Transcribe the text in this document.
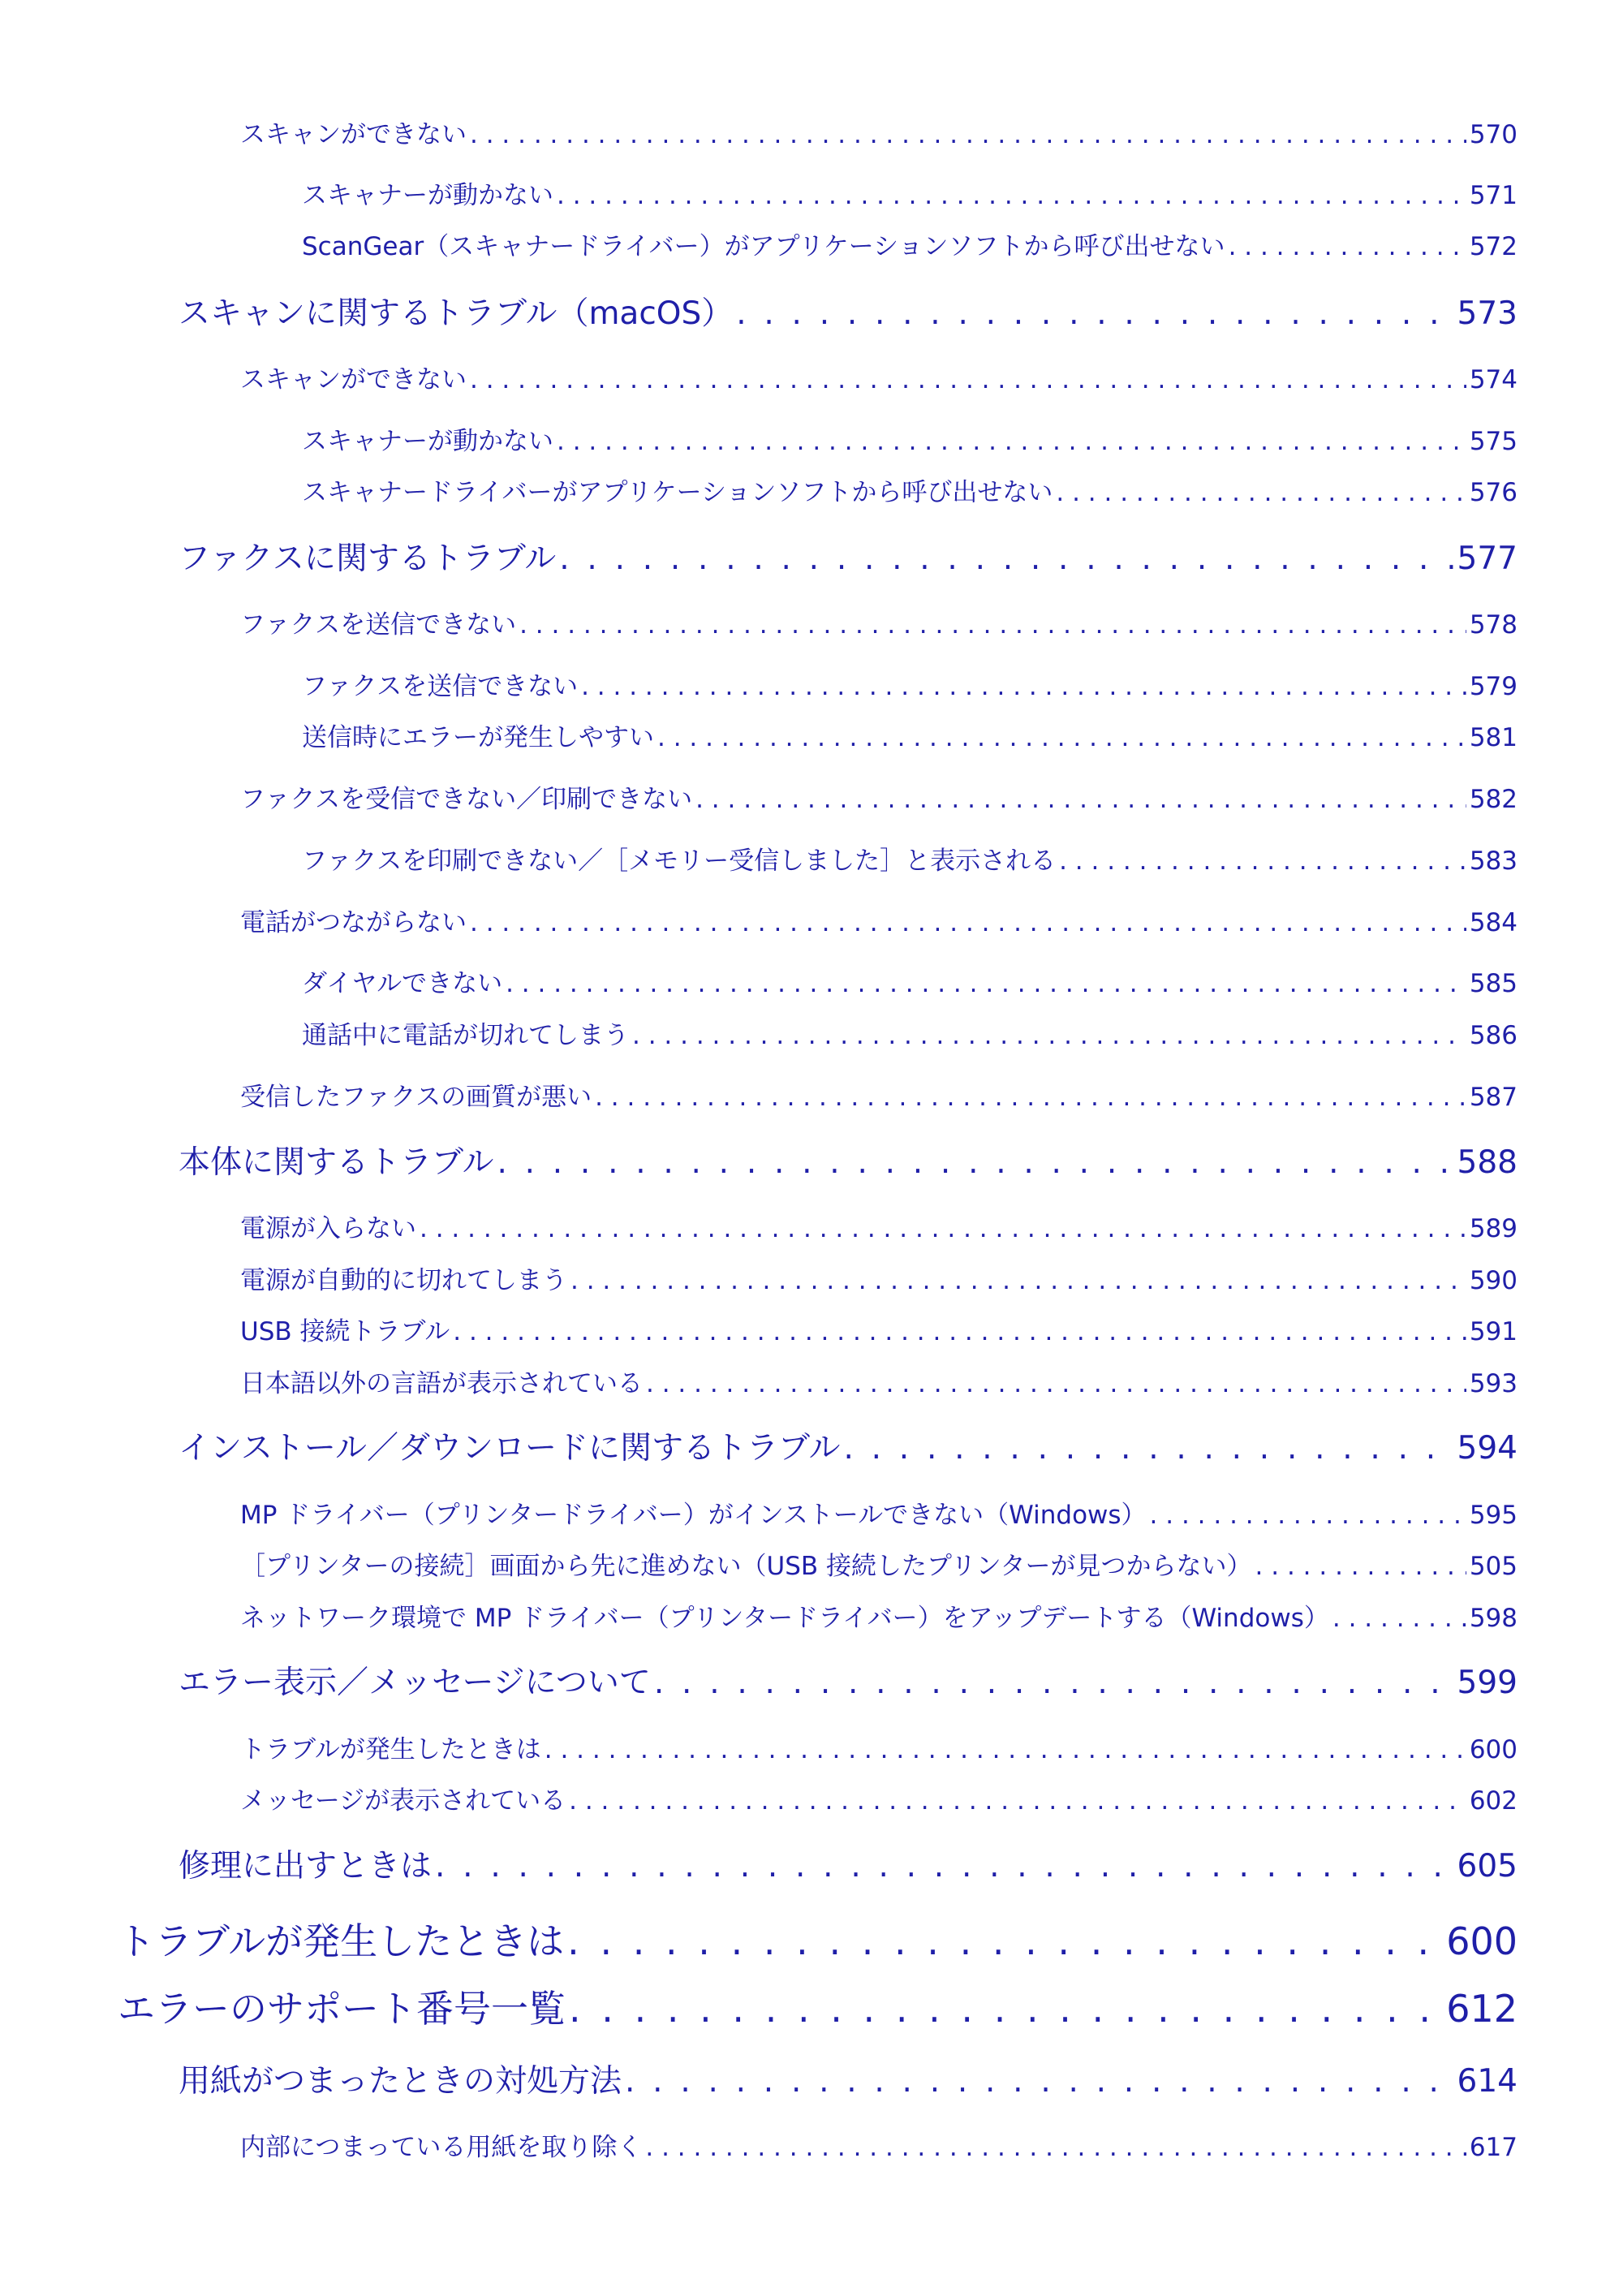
スキャンができない . . .	570
スキャナーが動かない . . .	571
ScanGear（スキャナードライバー）がアプリケーションソフトから呼び出せない . . .	572
スキャンに関するトラブル（macOS） . . .	573
スキャンができない . . .	574
スキャナーが動かない . . .	575
スキャナードライバーがアプリケーションソフトから呼び出せない . . .	576
ファクスに関するトラブル . . .	577
ファクスを送信できない . . .	578
ファクスを送信できない . . .	579
送信時にエラーが発生しやすい . . .	581
ファクスを受信できない／印刷できない . . .	582
ファクスを印刷できない／［メモリー受信しました］と表示される . . .	583
電話がつながらない . . .	584
ダイヤルできない . . .	585
通話中に電話が切れてしまう . . .	586
受信したファクスの画質が悪い . . .	587
本体に関するトラブル . . .	588
電源が入らない . . .	589
電源が自動的に切れてしまう . . .	590
USB 接続トラブル . . .	591
日本語以外の言語が表示されている . . .	593
インストール／ダウンロードに関するトラブル . . .	594
MP ドライバー（プリンタードライバー）がインストールできない（Windows） . . .	595
［プリンターの接続］画面から先に進めない（USB 接続したプリンターが見つからない） . . .	505
ネットワーク環境で MP ドライバー（プリンタードライバー）をアップデートする（Windows） . . .	598
エラー表示／メッセージについて . . .	599
トラブルが発生したときは . . .	600
メッセージが表示されている . . .	602
修理に出すときは . . .	605
トラブルが発生したときは . . .	600
エラーのサポート番号一覧 . . .	612
用紙がつまったときの対処方法 . . .	614
内部につまっている用紙を取り除く . . .	617
